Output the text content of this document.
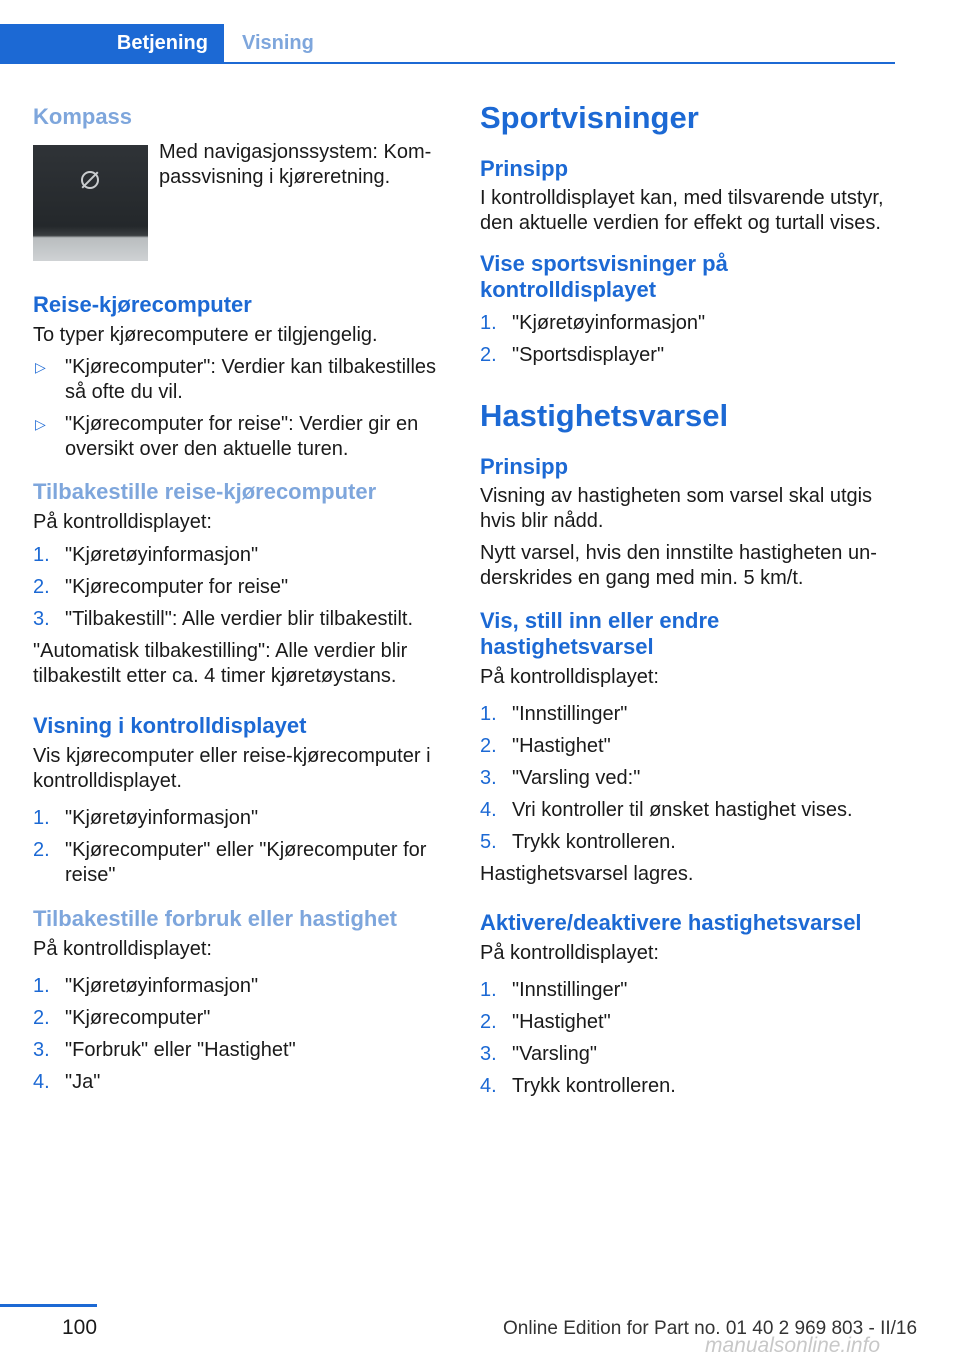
Betjening	Visning
Kompass

Med navigasjonssystem: Kom-passvisning i kjøreretning.

Reise-kjørecomputer

To typer kjørecomputere er tilgjengelig.

▷ "Kjørecomputer": Verdier kan tilbakestilles så ofte du vil.
▷ "Kjørecomputer for reise": Verdier gir en oversikt over den aktuelle turen.
Tilbakestille reise-kjørecomputer

På kontrolldisplayet:

1. "Kjøretøyinformasjon"
2. "Kjørecomputer for reise"
3. "Tilbakestill": Alle verdier blir tilbakestilt.

"Automatisk tilbakestilling": Alle verdier blir tilbakestilt etter ca. 4 timer kjøretøystans.

Visning i kontrolldisplayet

Vis kjørecomputer eller reise-kjørecomputer i kontrolldisplayet.

1. "Kjøretøyinformasjon"
2. "Kjørecomputer" eller "Kjørecomputer for reise"
Tilbakestille forbruk eller hastighet

På kontrolldisplayet:

1. "Kjøretøyinformasjon"
2. "Kjørecomputer"
3. "Forbruk" eller "Hastighet"
4. "Ja"
Sportvisninger
Prinsipp

I kontrolldisplayet kan, med tilsvarende utstyr, den aktuelle verdien for effekt og turtall vises.

Vise sportsvisninger på kontrolldisplayet
1. "Kjøretøyinformasjon"
2. "Sportsdisplayer"
Hastighetsvarsel
Prinsipp

Visning av hastigheten som varsel skal utgis hvis blir nådd.

Nytt varsel, hvis den innstilte hastigheten un-derskrides en gang med min. 5 km/t.

Vis, still inn eller endre hastighetsvarsel

På kontrolldisplayet:

1. "Innstillinger"
2. "Hastighet"
3. "Varsling ved:"
4. Vri kontroller til ønsket hastighet vises.
5. Trykk kontrolleren.

Hastighetsvarsel lagres.

Aktivere/deaktivere hastighetsvarsel

På kontrolldisplayet:

1. "Innstillinger"
2. "Hastighet"
3. "Varsling"
4. Trykk kontrolleren.
100	Online Edition for Part no. 01 40 2 969 803 - II/16
manualsonline.info
